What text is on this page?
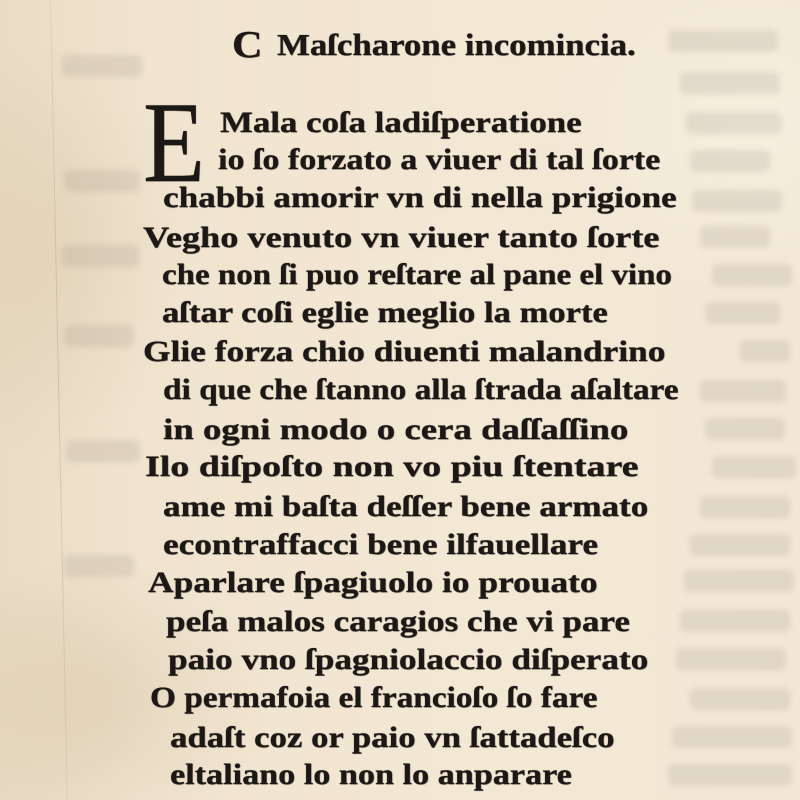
C Maſcharone incomincia.
E Mala coſa ladiſperatione
io ſo forzato a viuer di tal ſorte
chabbi amorir vn di nella prigione
Vegho venuto vn viuer tanto ſorte
che non ſi puo reſtare al pane el vino
aſtar coſi eglie meglio la morte
Glie forza chio diuenti malandrino
di que che ſtanno alla ſtrada aſaltare
in ogni modo o cera daſſaſſino
Ilo diſpoſto non vo piu ſtentare
ame mi baſta deſſer bene armato
econtraffacci bene ilfauellare
Aparlare ſpagiuolo io prouato
peſa malos caragios che vi pare
paio vno ſpagniolaccio diſperato
O permafoia el francioſo ſo fare
adaſt coz or paio vn ſattadeſco
eltaliano lo non lo anparare
